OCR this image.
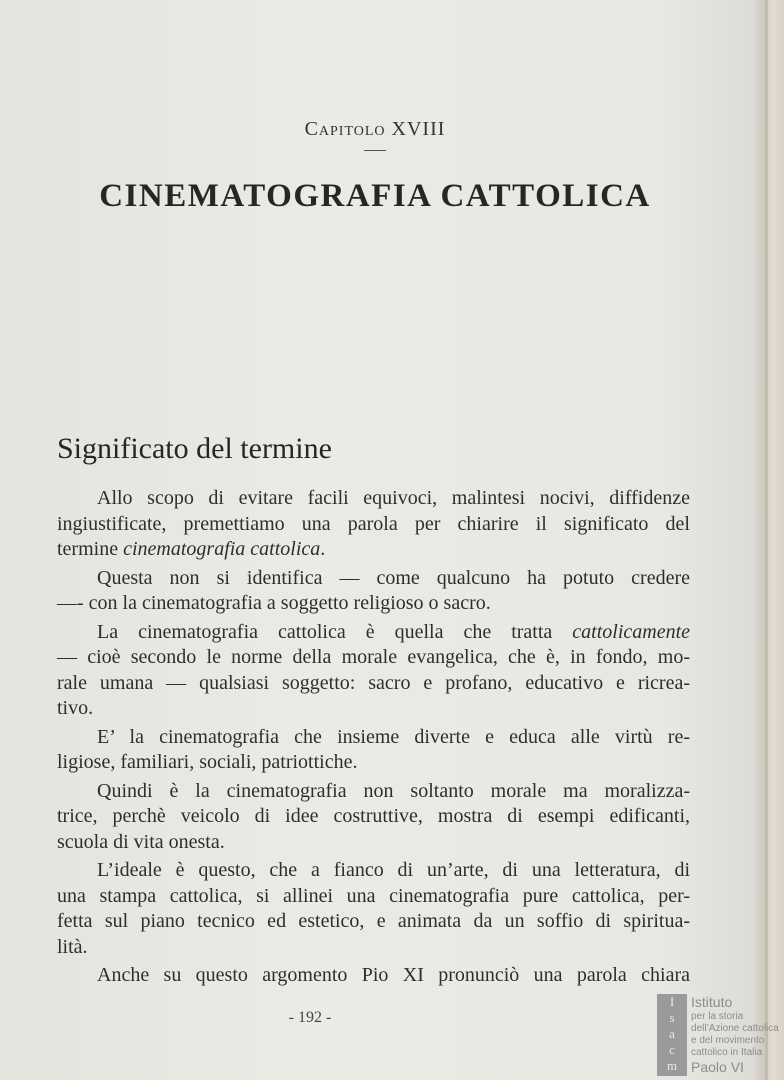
Capitolo XVIII
CINEMATOGRAFIA CATTOLICA
Significato del termine
Allo scopo di evitare facili equivoci, malintesi nocivi, diffidenze
ingiustificate, premettiamo una parola per chiarire il significato del
termine cinematografia cattolica.
Questa non si identifica — come qualcuno ha potuto credere
—- con la cinematografia a soggetto religioso o sacro.
La cinematografia cattolica è quella che tratta cattolicamente
— cioè secondo le norme della morale evangelica, che è, in fondo, mo-
rale umana — qualsiasi soggetto: sacro e profano, educativo e ricrea-
tivo.
E’ la cinematografia che insieme diverte e educa alle virtù re-
ligiose, familiari, sociali, patriottiche.
Quindi è la cinematografia non soltanto morale ma moralizza-
trice, perchè veicolo di idee costruttive, mostra di esempi edificanti,
scuola di vita onesta.
L’ideale è questo, che a fianco di un’arte, di una letteratura, di
una stampa cattolica, si allinei una cinematografia pure cattolica, per-
fetta sul piano tecnico ed estetico, e animata da un soffio di spiritua-
lità.
Anche su questo argomento Pio XI pronunciò una parola chiara
- 192 -
I
s
a
c
m
Istituto
per la storia
dell’Azione cattolica
e del movimento
cattolico in Italia
Paolo VI
